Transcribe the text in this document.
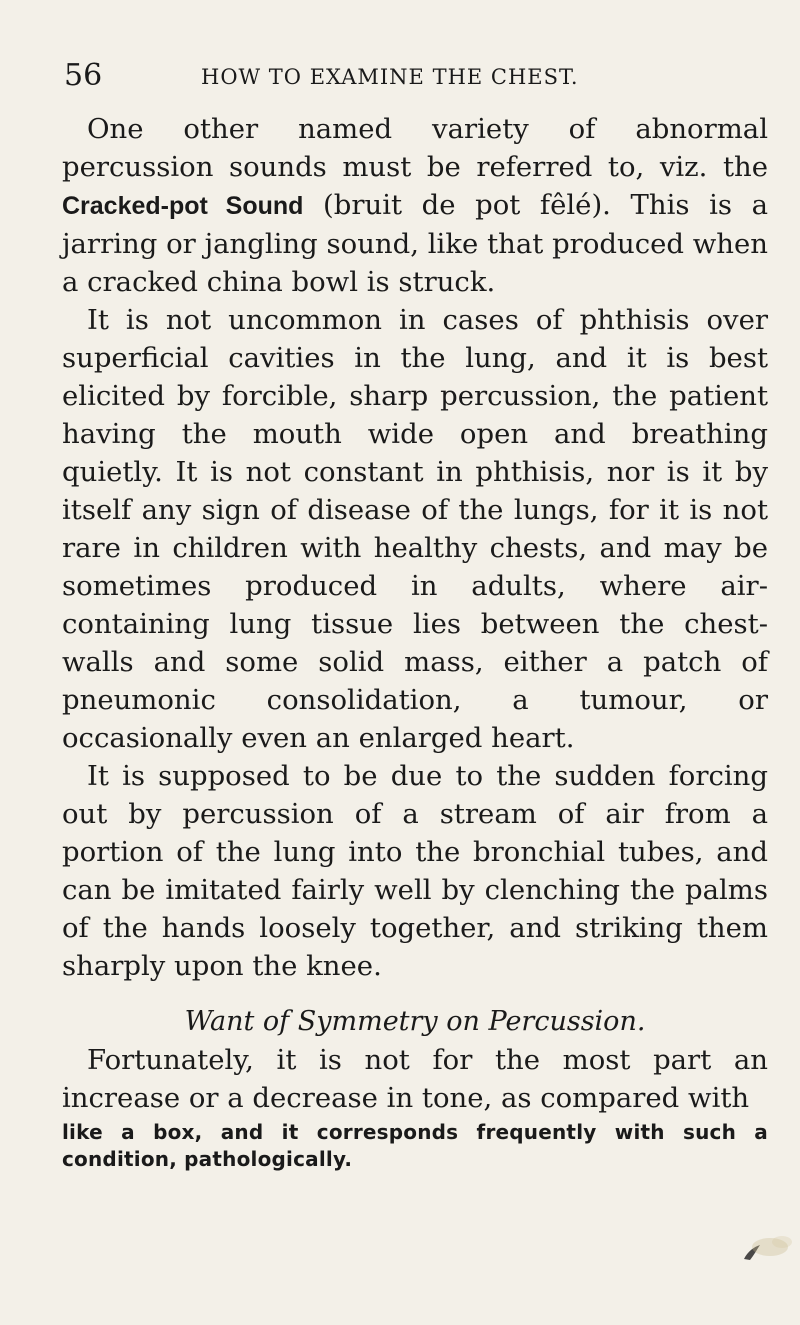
56	HOW TO EXAMINE THE CHEST.

One other named variety of abnormal percussion sounds must be referred to, viz. the Cracked-pot Sound (bruit de pot fêlé). This is a jarring or jangling sound, like that produced when a cracked china bowl is struck.

It is not uncommon in cases of phthisis over superficial cavities in the lung, and it is best elicited by forcible, sharp percussion, the patient having the mouth wide open and breathing quietly. It is not constant in phthisis, nor is it by itself any sign of disease of the lungs, for it is not rare in children with healthy chests, and may be sometimes produced in adults, where air-containing lung tissue lies between the chest-walls and some solid mass, either a patch of pneumonic consolidation, a tumour, or occasionally even an enlarged heart.

It is supposed to be due to the sudden forcing out by percussion of a stream of air from a portion of the lung into the bronchial tubes, and can be imitated fairly well by clenching the palms of the hands loosely together, and striking them sharply upon the knee.

Want of Symmetry on Percussion.

Fortunately, it is not for the most part an increase or a decrease in tone, as compared with

like a box, and it corresponds frequently with such a condition, pathologically.
